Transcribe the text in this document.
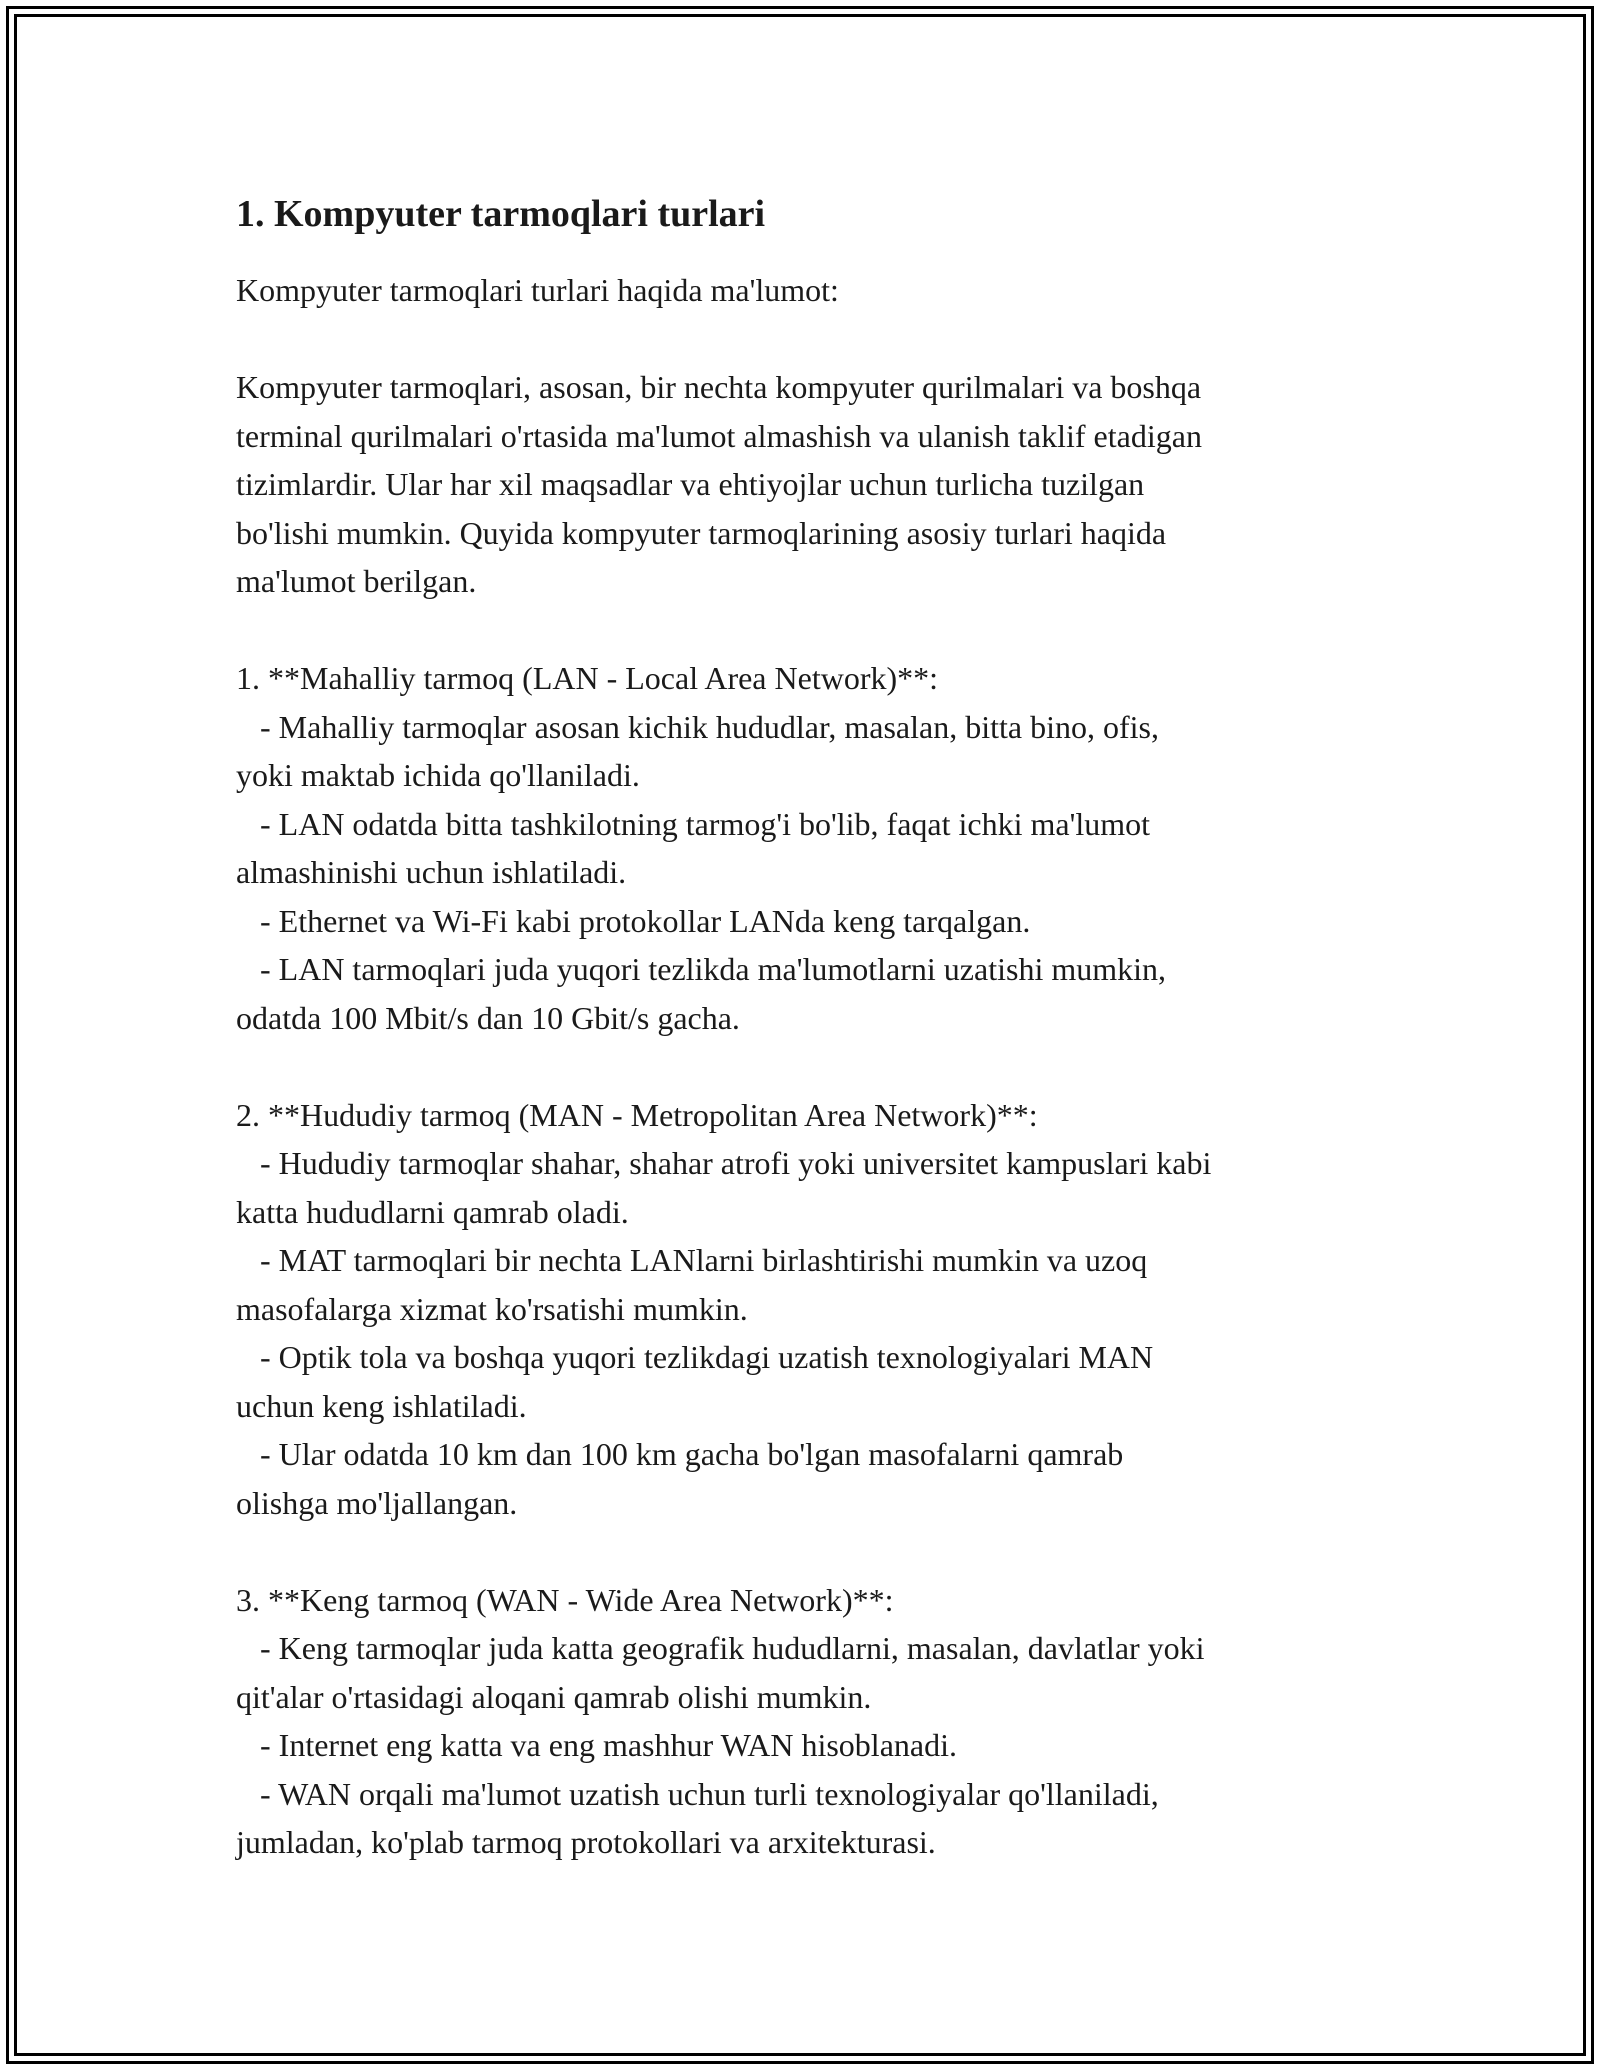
1. Kompyuter tarmoqlari turlari

Kompyuter tarmoqlari turlari haqida ma'lumot:

Kompyuter tarmoqlari, asosan, bir nechta kompyuter qurilmalari va boshqa
terminal qurilmalari o'rtasida ma'lumot almashish va ulanish taklif etadigan
tizimlardir. Ular har xil maqsadlar va ehtiyojlar uchun turlicha tuzilgan
bo'lishi mumkin. Quyida kompyuter tarmoqlarining asosiy turlari haqida
ma'lumot berilgan.

1. **Mahalliy tarmoq (LAN - Local Area Network)**:

- Mahalliy tarmoqlar asosan kichik hududlar, masalan, bitta bino, ofis,
yoki maktab ichida qo'llaniladi.
- LAN odatda bitta tashkilotning tarmog'i bo'lib, faqat ichki ma'lumot
almashinishi uchun ishlatiladi.
- Ethernet va Wi-Fi kabi protokollar LANda keng tarqalgan.
- LAN tarmoqlari juda yuqori tezlikda ma'lumotlarni uzatishi mumkin,
odatda 100 Mbit/s dan 10 Gbit/s gacha.

2. **Hududiy tarmoq (MAN - Metropolitan Area Network)**:

- Hududiy tarmoqlar shahar, shahar atrofi yoki universitet kampuslari kabi
katta hududlarni qamrab oladi.
- MAT tarmoqlari bir nechta LANlarni birlashtirishi mumkin va uzoq
masofalarga xizmat ko'rsatishi mumkin.
- Optik tola va boshqa yuqori tezlikdagi uzatish texnologiyalari MAN
uchun keng ishlatiladi.
- Ular odatda 10 km dan 100 km gacha bo'lgan masofalarni qamrab
olishga mo'ljallangan.

3. **Keng tarmoq (WAN - Wide Area Network)**:

- Keng tarmoqlar juda katta geografik hududlarni, masalan, davlatlar yoki
qit'alar o'rtasidagi aloqani qamrab olishi mumkin.
- Internet eng katta va eng mashhur WAN hisoblanadi.
- WAN orqali ma'lumot uzatish uchun turli texnologiyalar qo'llaniladi,
jumladan, ko'plab tarmoq protokollari va arxitekturasi.
